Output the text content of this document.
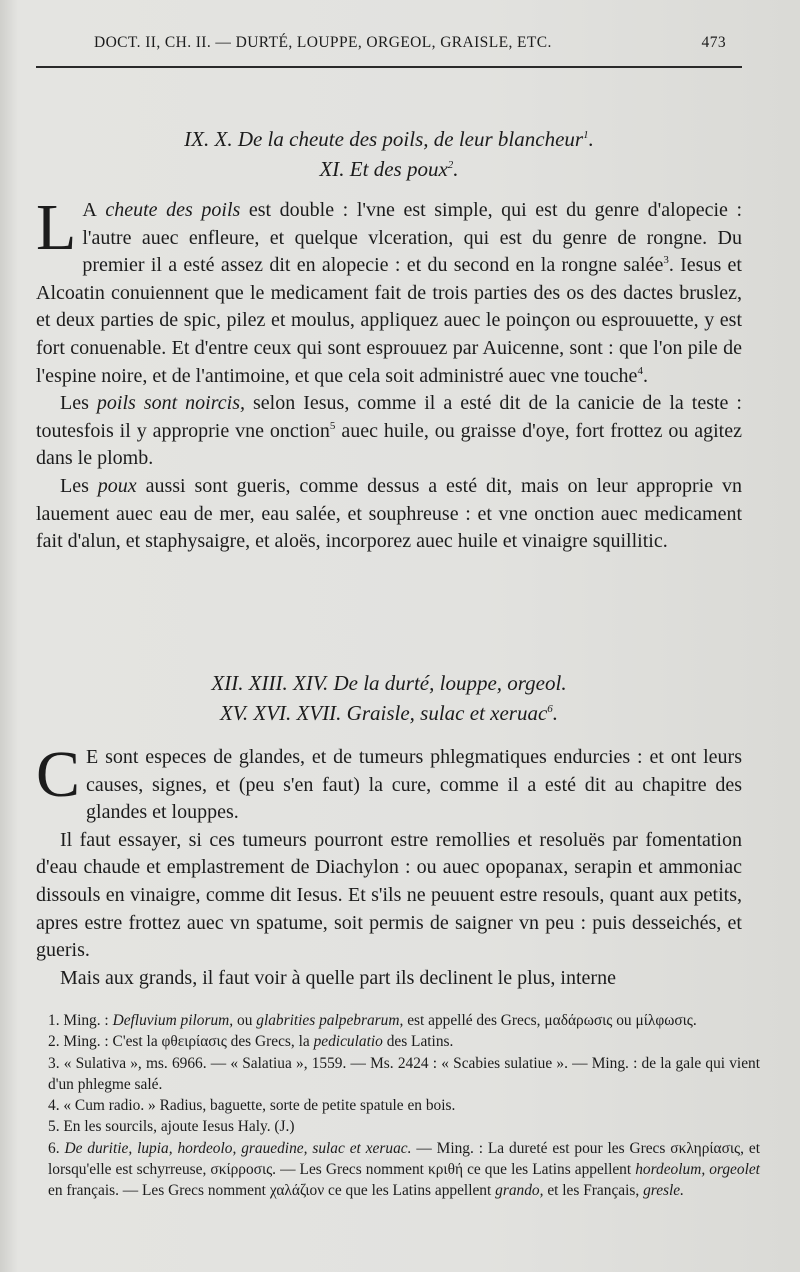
DOCT. II, CH. II. — DURTÉ, LOUPPE, ORGEOL, GRAISLE, ETC.	473
IX. X. De la cheute des poils, de leur blancheur$^1$.
XI. Et des poux$^2$.

L A cheute des poils est double : l'vne est simple, qui est du genre d'alopecie : l'autre auec enfleure, et quelque vlceration, qui est du genre de rongne. Du premier il a esté assez dit en alopecie : et du second en la rongne salée$^3$. Iesus et Alcoatin conuiennent que le medicament fait de trois parties des os des dactes bruslez, et deux parties de spic, pilez et moulus, appliquez auec le poinçon ou esprouuette, y est fort conuenable. Et d'entre ceux qui sont esprouuez par Auicenne, sont : que l'on pile de l'espine noire, et de l'antimoine, et que cela soit administré auec vne touche$^4$.

Les poils sont noircis, selon Iesus, comme il a esté dit de la canicie de la teste : toutesfois il y approprie vne onction$^5$ auec huile, ou graisse d'oye, fort frottez ou agitez dans le plomb.

Les poux aussi sont gueris, comme dessus a esté dit, mais on leur approprie vn lauement auec eau de mer, eau salée, et souphreuse : et vne onction auec medicament fait d'alun, et staphysaigre, et aloës, incorporez auec huile et vinaigre squillitic.

XII. XIII. XIV. De la durté, louppe, orgeol.
XV. XVI. XVII. Graisle, sulac et xeruac$^6$.

C E sont especes de glandes, et de tumeurs phlegmatiques endurcies : et ont leurs causes, signes, et (peu s'en faut) la cure, comme il a esté dit au chapitre des glandes et louppes.

Il faut essayer, si ces tumeurs pourront estre remollies et resoluës par fomentation d'eau chaude et emplastrement de Diachylon : ou auec opopanax, serapin et ammoniac dissouls en vinaigre, comme dit Iesus. Et s'ils ne peuuent estre resouls, quant aux petits, apres estre frottez auec vn spatume, soit permis de saigner vn peu : puis desseichés, et gueris.

Mais aux grands, il faut voir à quelle part ils declinent le plus, interne

1. Ming. : Defluvium pilorum, ou glabrities palpebrarum, est appellé des Grecs, μαδάρωσις ou μίλφωσις.

2. Ming. : C'est la φθειρίασις des Grecs, la pediculatio des Latins.

3. « Sulativa », ms. 6966. — « Salatiua », 1559. — Ms. 2424 : « Scabies sulatiue ». — Ming. : de la gale qui vient d'un phlegme salé.

4. « Cum radio. » Radius, baguette, sorte de petite spatule en bois.

5. En les sourcils, ajoute Iesus Haly. (J.)

6. De duritie, lupia, hordeolo, grauedine, sulac et xeruac. — Ming. : La dureté est pour les Grecs σκληρίασις, et lorsqu'elle est schyrreuse, σκίρροσις. — Les Grecs nomment κριθή ce que les Latins appellent hordeolum, orgeolet en français. — Les Grecs nomment χαλάζιον ce que les Latins appellent grando, et les Français, gresle.
